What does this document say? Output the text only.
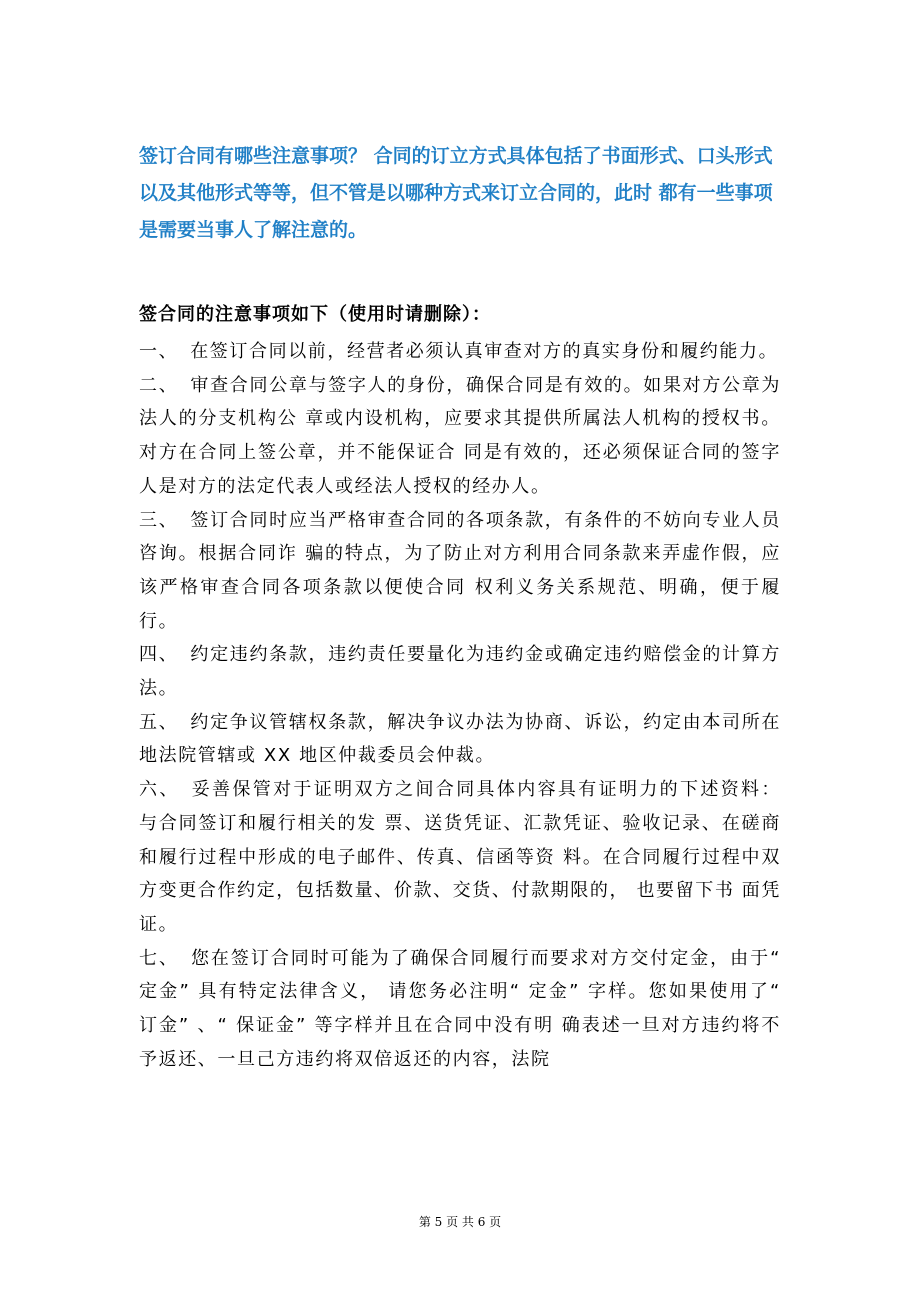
签订合同有哪些注意事项？ 合同的订立方式具体包括了书面形式、口头形式以及其他形式等等，但不管是以哪种方式来订立合同的，此时 都有一些事项是需要当事人了解注意的。

签合同的注意事项如下（使用时请删除）：

一、 在签订合同以前，经营者必须认真审查对方的真实身份和履约能力。

二、 审查合同公章与签字人的身份，确保合同是有效的。如果对方公章为法人的分支机构公 章或内设机构，应要求其提供所属法人机构的授权书。对方在合同上签公章，并不能保证合 同是有效的，还必须保证合同的签字人是对方的法定代表人或经法人授权的经办人。

三、 签订合同时应当严格审查合同的各项条款，有条件的不妨向专业人员咨询。根据合同诈 骗的特点，为了防止对方利用合同条款来弄虚作假，应该严格审查合同各项条款以便使合同 权利义务关系规范、明确，便于履行。

四、 约定违约条款，违约责任要量化为违约金或确定违约赔偿金的计算方法。

五、 约定争议管辖权条款，解决争议办法为协商、诉讼，约定由本司所在地法院管辖或 XX 地区仲裁委员会仲裁。

六、 妥善保管对于证明双方之间合同具体内容具有证明力的下述资料： 与合同签订和履行相关的发 票、送货凭证、汇款凭证、验收记录、在磋商和履行过程中形成的电子邮件、传真、信函等资 料。在合同履行过程中双方变更合作约定，包括数量、价款、交货、付款期限的， 也要留下书 面凭证。

七、 您在签订合同时可能为了确保合同履行而要求对方交付定金，由于“ 定金” 具有特定法律含义， 请您务必注明“ 定金” 字样。您如果使用了“ 订金” 、“ 保证金” 等字样并且在合同中没有明 确表述一旦对方违约将不予返还、一旦己方违约将双倍返还的内容，法院

第 5 页 共 6 页
